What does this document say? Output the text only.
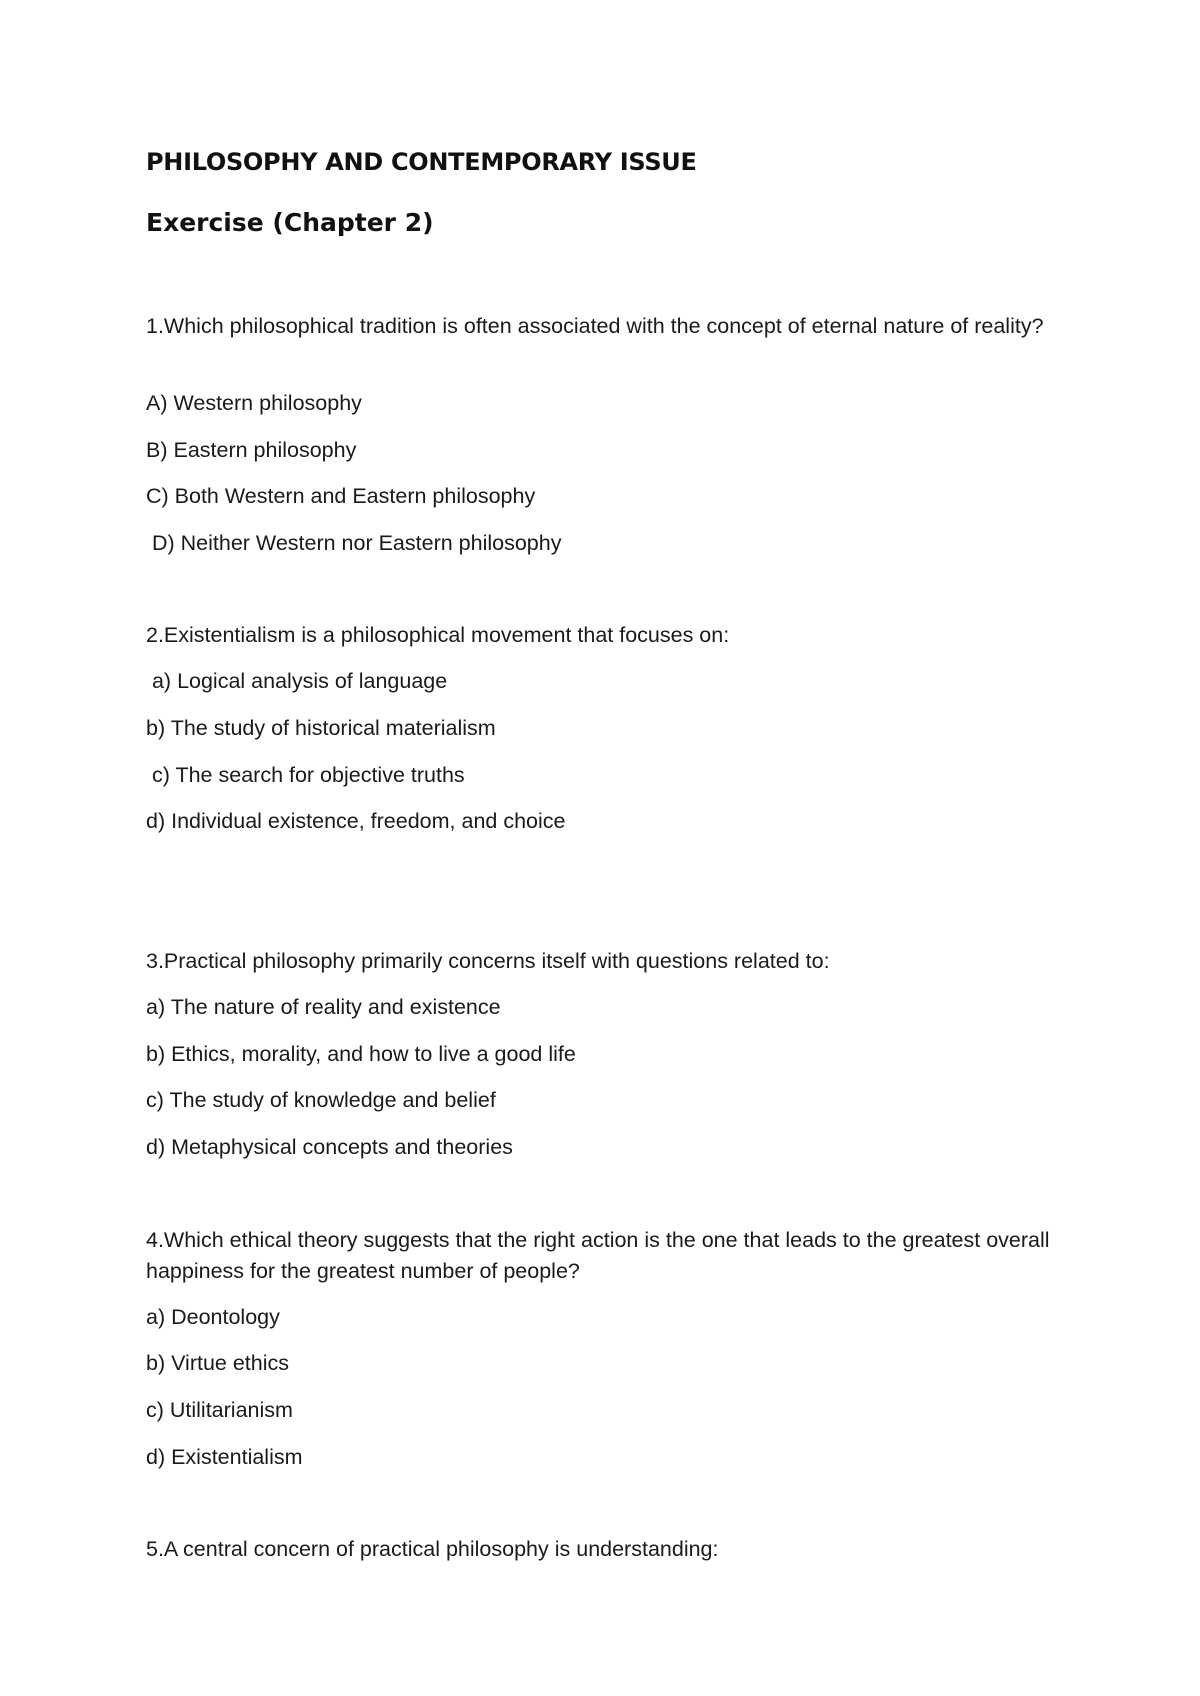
PHILOSOPHY AND CONTEMPORARY ISSUE
Exercise (Chapter 2)
1.Which philosophical tradition is often associated with the concept of eternal nature of reality?
A) Western philosophy
B) Eastern philosophy
C) Both Western and Eastern philosophy
D) Neither Western nor Eastern philosophy
2.Existentialism is a philosophical movement that focuses on:
a) Logical analysis of language
b) The study of historical materialism
c) The search for objective truths
d) Individual existence, freedom, and choice
3.Practical philosophy primarily concerns itself with questions related to:
a) The nature of reality and existence
b) Ethics, morality, and how to live a good life
c) The study of knowledge and belief
d) Metaphysical concepts and theories
4.Which ethical theory suggests that the right action is the one that leads to the greatest overall happiness for the greatest number of people?
a) Deontology
b) Virtue ethics
c) Utilitarianism
d) Existentialism
5.A central concern of practical philosophy is understanding:
